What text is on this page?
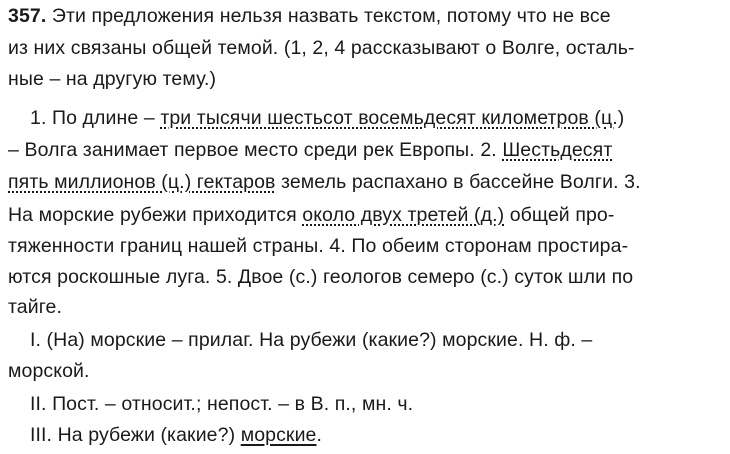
357. Эти предложения нельзя назвать текстом, потому что не все
из них связаны общей темой. (1, 2, 4 рассказывают о Волге, осталь-
ные – на другую тему.)
1. По длине – три тысячи шестьсот восемьдесят километров (ц.)
– Волга занимает первое место среди рек Европы. 2. Шестьдесят
пять миллионов (ц.) гектаров земель распахано в бассейне Волги. 3.
На морские рубежи приходится около двух третей (д.) общей про-
тяженности границ нашей страны. 4. По обеим сторонам простира-
ются роскошные луга. 5. Двое (с.) геологов семеро (с.) суток шли по
тайге.
I. (На) морские – прилаг. На рубежи (какие?) морские. Н. ф. –
морской.
II. Пост. – относит.; непост. – в В. п., мн. ч.
III. На рубежи (какие?) морские.
